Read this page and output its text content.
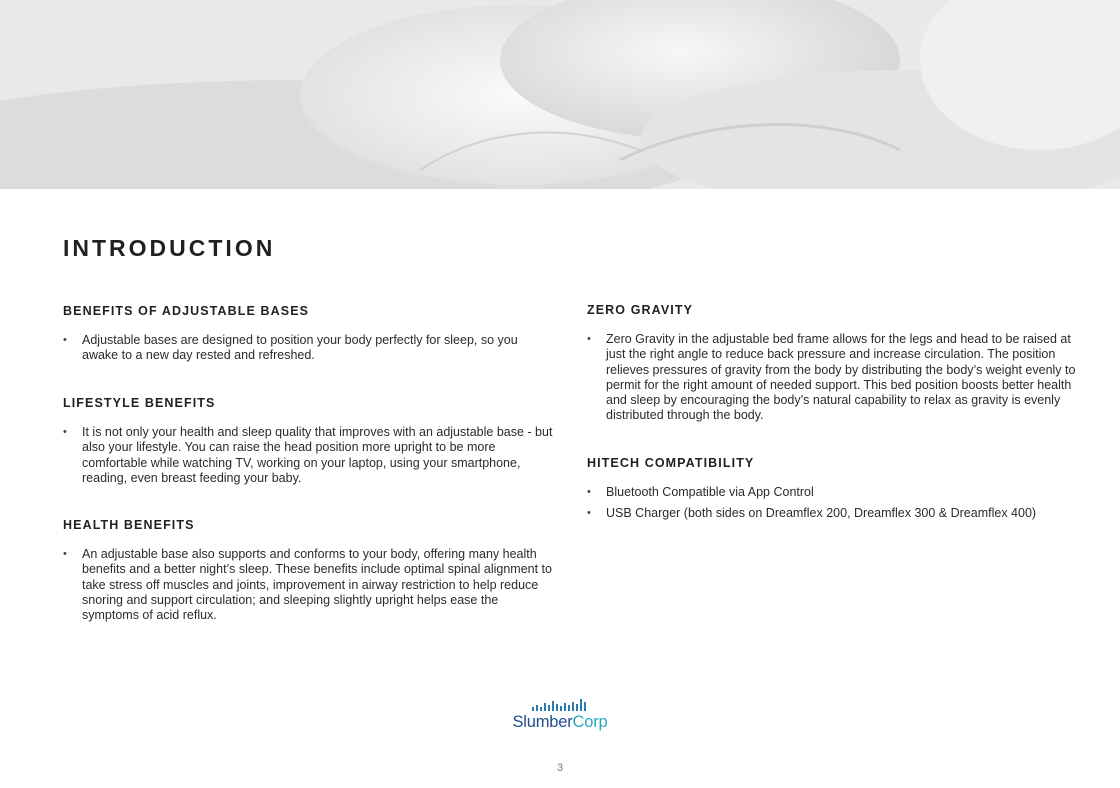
INTRODUCTION
BENEFITS OF ADJUSTABLE BASES
• Adjustable bases are designed to position your body perfectly for sleep, so you awake to a new day rested and refreshed.
LIFESTYLE BENEFITS
• It is not only your health and sleep quality that improves with an adjustable base - but also your lifestyle. You can raise the head position more upright to be more comfortable while watching TV, working on your laptop, using your smartphone, reading, even breast feeding your baby.
HEALTH BENEFITS
• An adjustable base also supports and conforms to your body, offering many health benefits and a better night’s sleep. These benefits include optimal spinal alignment to take stress off muscles and joints, improvement in airway restriction to help reduce snoring and support circulation; and sleeping slightly upright helps ease the symptoms of acid reflux.
ZERO GRAVITY
• Zero Gravity in the adjustable bed frame allows for the legs and head to be raised at just the right angle to reduce back pressure and increase circulation. The position relieves pressures of gravity from the body by distributing the body’s weight evenly to permit for the right amount of needed support. This bed position boosts better health and sleep by encouraging the body’s natural capability to relax as gravity is evenly distributed through the body.
HITECH COMPATIBILITY
• Bluetooth Compatible via App Control
• USB Charger (both sides on Dreamflex 200, Dreamflex 300 & Dreamflex 400)
SlumberCorp
3
